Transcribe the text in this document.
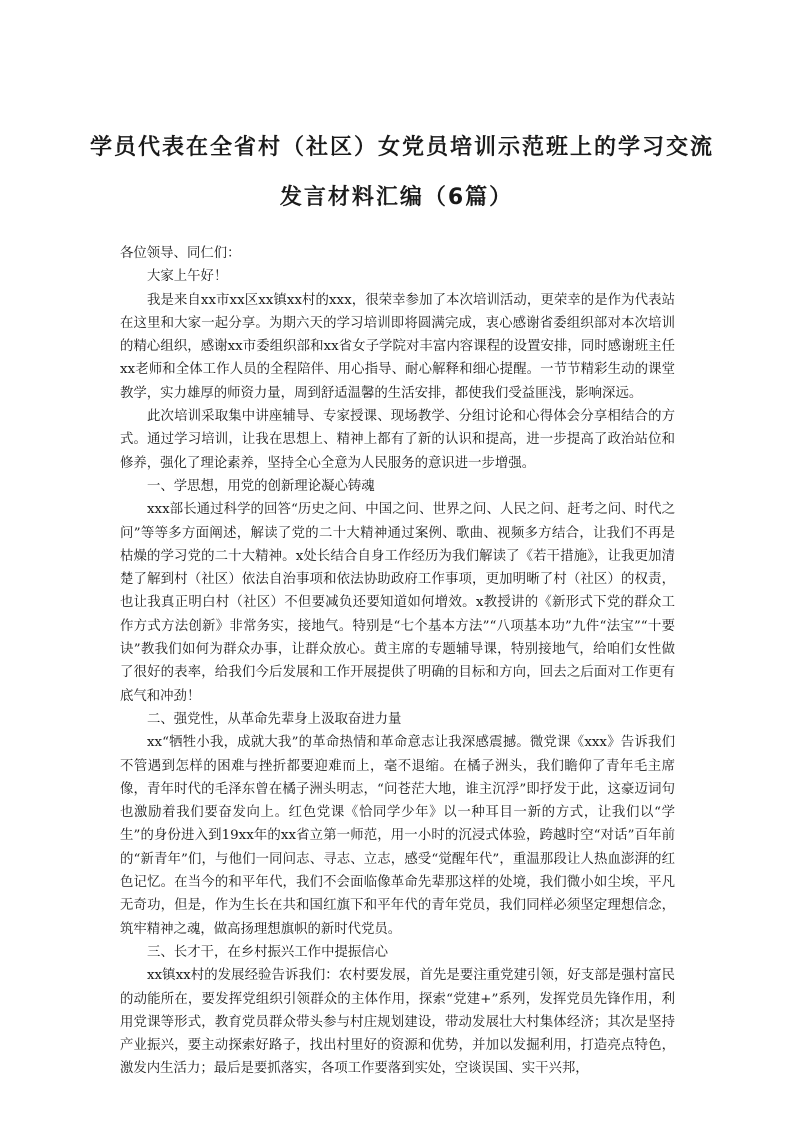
学员代表在全省村（社区）女党员培训示范班上的学习交流
发言材料汇编（6篇）

各位领导、同仁们：

大家上午好！

我是来自xx市xx区xx镇xx村的xxx，很荣幸参加了本次培训活动，更荣幸的是作为代表站在这里和大家一起分享。为期六天的学习培训即将圆满完成，衷心感谢省委组织部对本次培训的精心组织，感谢xx市委组织部和xx省女子学院对丰富内容课程的设置安排，同时感谢班主任xx老师和全体工作人员的全程陪伴、用心指导、耐心解释和细心提醒。一节节精彩生动的课堂教学，实力雄厚的师资力量，周到舒适温馨的生活安排，都使我们受益匪浅，影响深远。

此次培训采取集中讲座辅导、专家授课、现场教学、分组讨论和心得体会分享相结合的方式。通过学习培训，让我在思想上、精神上都有了新的认识和提高，进一步提高了政治站位和修养，强化了理论素养，坚持全心全意为人民服务的意识进一步增强。

一、学思想，用党的创新理论凝心铸魂

xxx部长通过科学的回答“历史之问、中国之问、世界之问、人民之问、赶考之问、时代之问”等等多方面阐述，解读了党的二十大精神通过案例、歌曲、视频多方结合，让我们不再是枯燥的学习党的二十大精神。x处长结合自身工作经历为我们解读了《若干措施》，让我更加清楚了解到村（社区）依法自治事项和依法协助政府工作事项，更加明晰了村（社区）的权责，也让我真正明白村（社区）不但要减负还要知道如何增效。x教授讲的《新形式下党的群众工作方式方法创新》非常务实，接地气。特别是“七个基本方法”“八项基本功”九件“法宝”“十要诀”教我们如何为群众办事，让群众放心。黄主席的专题辅导课，特别接地气，给咱们女性做了很好的表率，给我们今后发展和工作开展提供了明确的目标和方向，回去之后面对工作更有底气和冲劲！

二、强党性，从革命先辈身上汲取奋进力量

xx“牺牲小我，成就大我”的革命热情和革命意志让我深感震撼。微党课《xxx》告诉我们不管遇到怎样的困难与挫折都要迎难而上，毫不退缩。在橘子洲头，我们瞻仰了青年毛主席像，青年时代的毛泽东曾在橘子洲头明志，“问苍茫大地，谁主沉浮”即抒发于此，这豪迈词句也激励着我们要奋发向上。红色党课《恰同学少年》以一种耳目一新的方式，让我们以“学生”的身份进入到19xx年的xx省立第一师范，用一小时的沉浸式体验，跨越时空“对话”百年前的“新青年”们，与他们一同问志、寻志、立志，感受“觉醒年代”，重温那段让人热血澎湃的红色记忆。在当今的和平年代，我们不会面临像革命先辈那这样的处境，我们微小如尘埃，平凡无奇功，但是，作为生长在共和国红旗下和平年代的青年党员，我们同样必须坚定理想信念，筑牢精神之魂，做高扬理想旗帜的新时代党员。

三、长才干，在乡村振兴工作中提振信心

xx镇xx村的发展经验告诉我们：农村要发展，首先是要注重党建引领，好支部是强村富民的动能所在，要发挥党组织引领群众的主体作用，探索“党建+”系列，发挥党员先锋作用，利用党课等形式，教育党员群众带头参与村庄规划建设，带动发展壮大村集体经济；其次是坚持产业振兴，要主动探索好路子，找出村里好的资源和优势，并加以发掘利用，打造亮点特色，激发内生活力；最后是要抓落实，各项工作要落到实处，空谈误国、实干兴邦，
